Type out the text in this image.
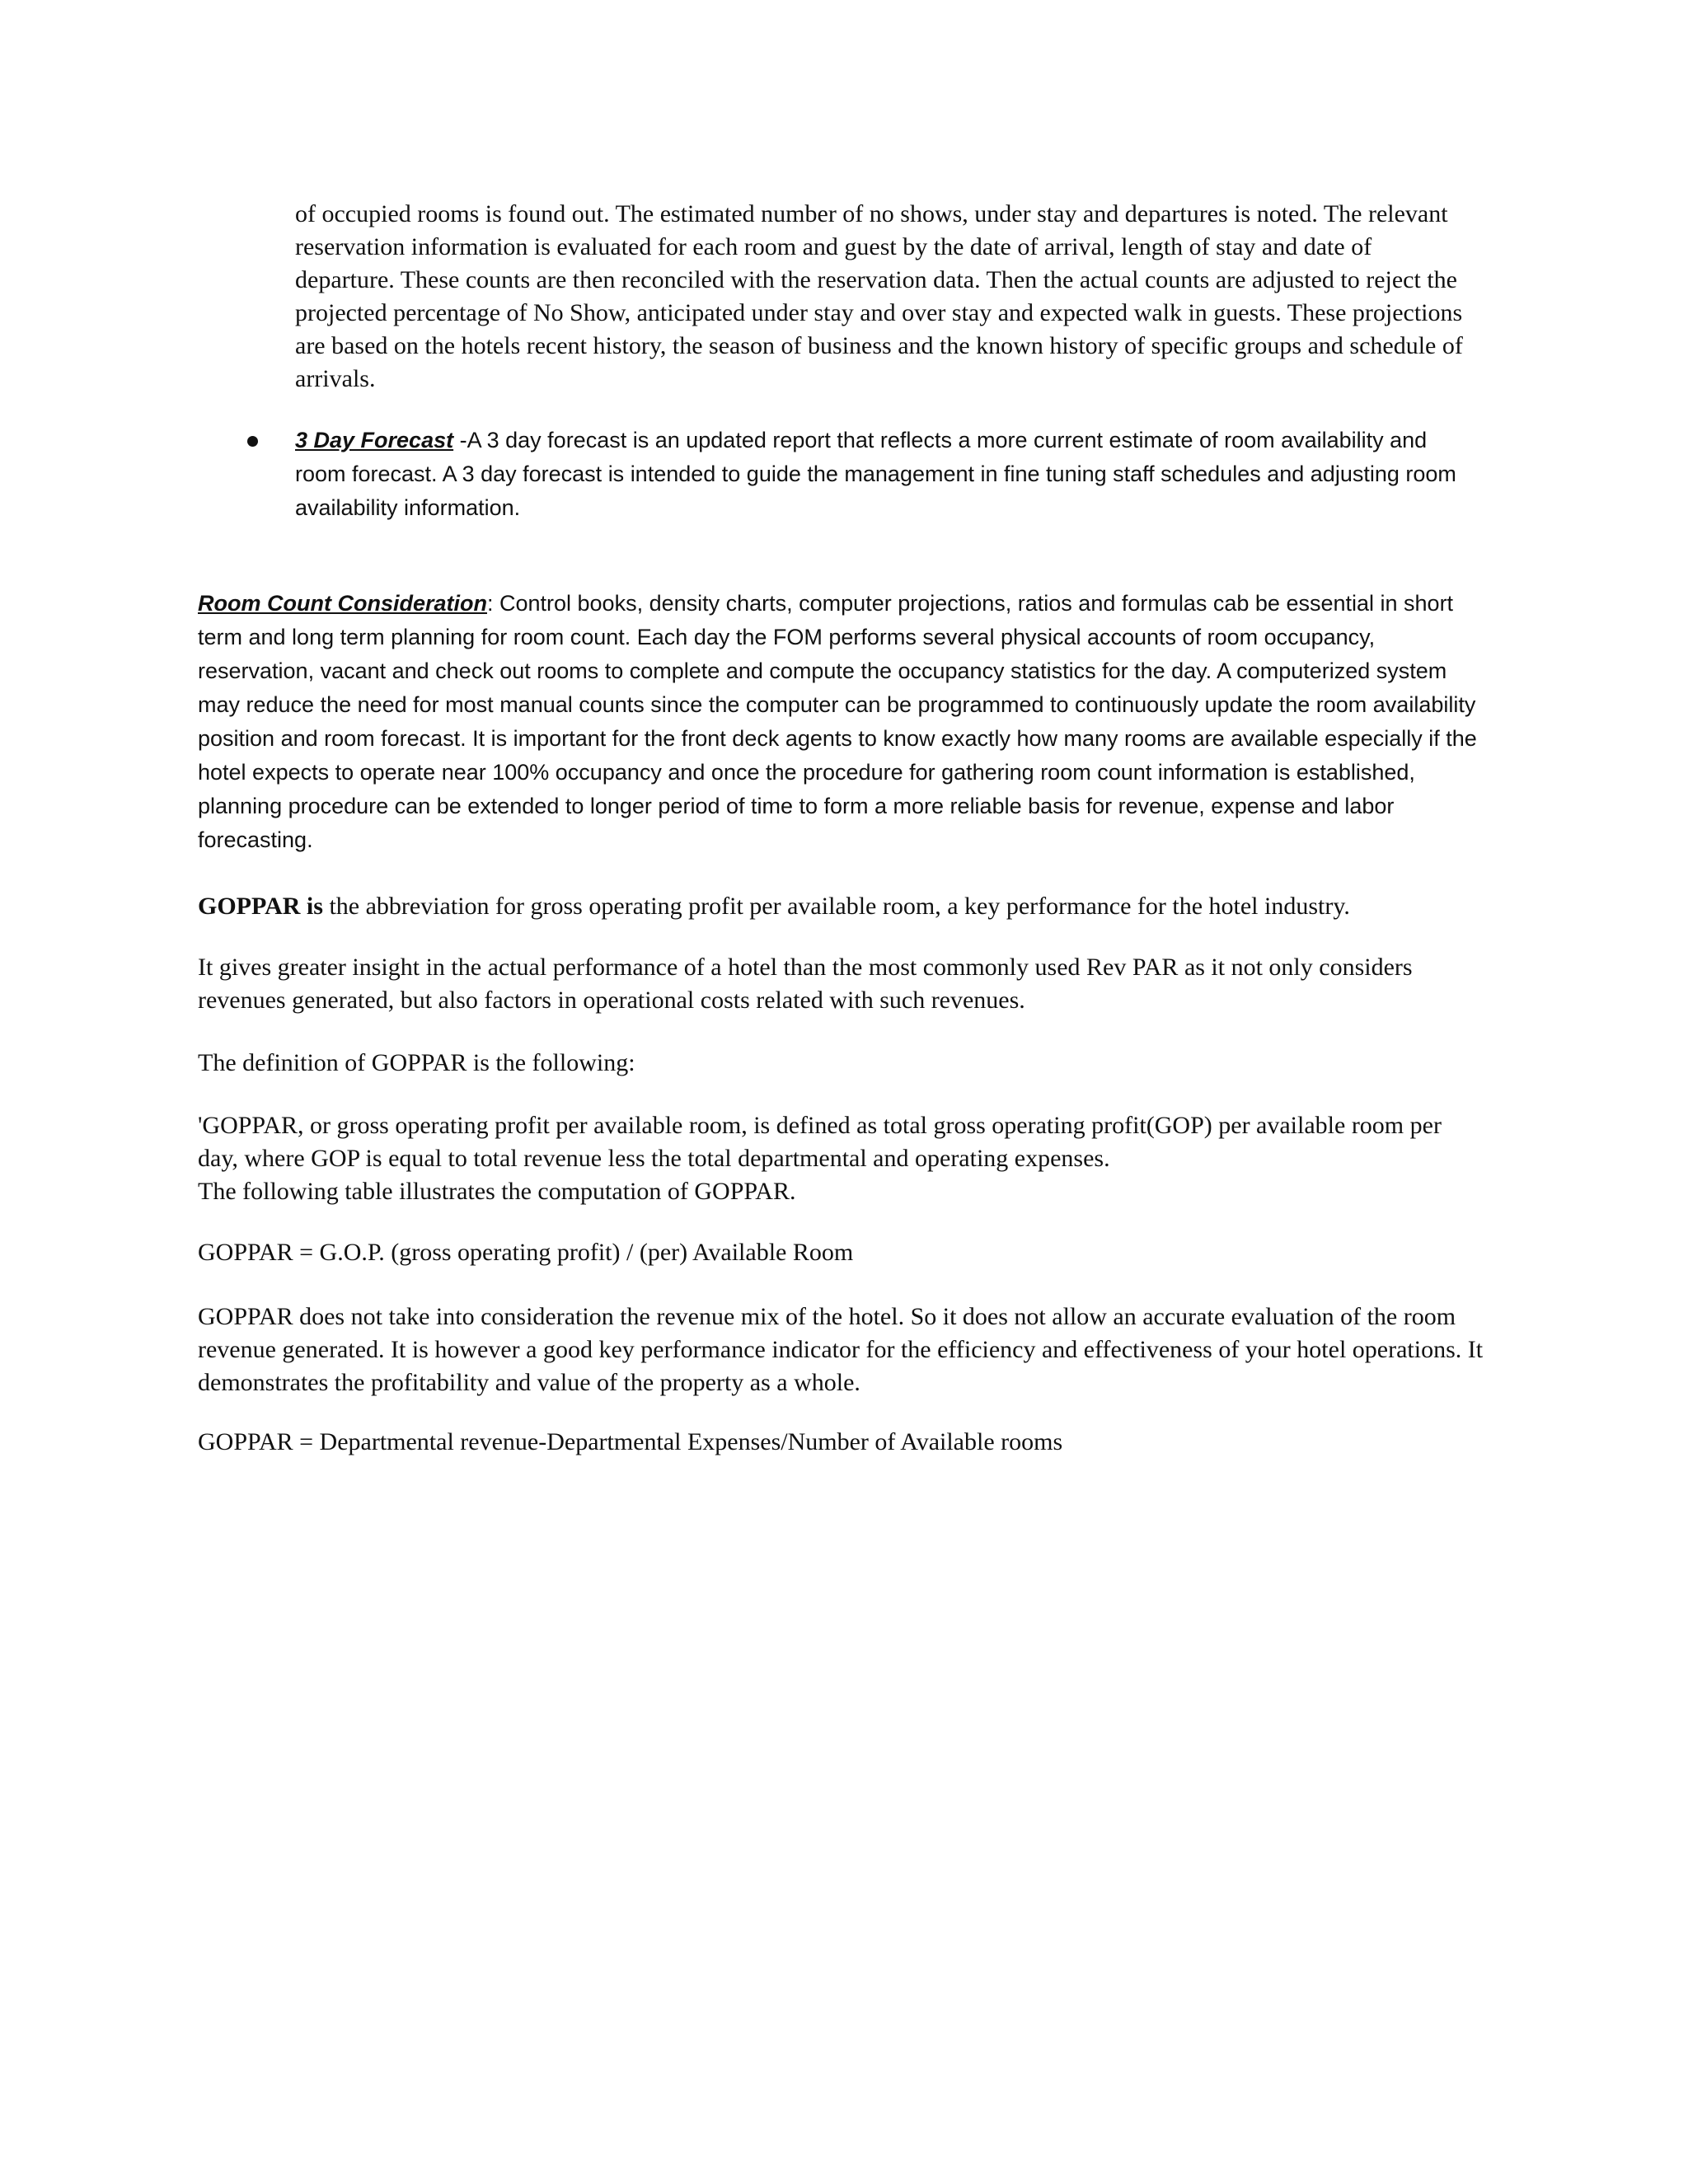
of occupied rooms is found out. The estimated number of no shows, under stay and departures is noted. The relevant reservation information is evaluated for each room and guest by the date of arrival, length of stay and date of departure. These counts are then reconciled with the reservation data. Then the actual counts are adjusted to reject the projected percentage of No Show, anticipated under stay and over stay and expected walk in guests. These projections are based on the hotels recent history, the season of business and the known history of specific groups and schedule of arrivals.

3 Day Forecast -A 3 day forecast is an updated report that reflects a more current estimate of room availability and room forecast. A 3 day forecast is intended to guide the management in fine tuning staff schedules and adjusting room availability information.

Room Count Consideration: Control books, density charts, computer projections, ratios and formulas cab be essential in short term and long term planning for room count. Each day the FOM performs several physical accounts of room occupancy, reservation, vacant and check out rooms to complete and compute the occupancy statistics for the day. A computerized system may reduce the need for most manual counts since the computer can be programmed to continuously update the room availability position and room forecast. It is important for the front deck agents to know exactly how many rooms are available especially if the hotel expects to operate near 100% occupancy and once the procedure for gathering room count information is established, planning procedure can be extended to longer period of time to form a more reliable basis for revenue, expense and labor forecasting.

GOPPAR is the abbreviation for gross operating profit per available room, a key performance for the hotel industry.

It gives greater insight in the actual performance of a hotel than the most commonly used Rev PAR as it not only considers revenues generated, but also factors in operational costs related with such revenues.

The definition of GOPPAR is the following:

'GOPPAR, or gross operating profit per available room, is defined as total gross operating profit(GOP) per available room per day, where GOP is equal to total revenue less the total departmental and operating expenses.

The following table illustrates the computation of GOPPAR.

GOPPAR = G.O.P. (gross operating profit) / (per) Available Room

GOPPAR does not take into consideration the revenue mix of the hotel. So it does not allow an accurate evaluation of the room revenue generated. It is however a good key performance indicator for the efficiency and effectiveness of your hotel operations. It demonstrates the profitability and value of the property as a whole.

GOPPAR = Departmental revenue-Departmental Expenses/Number of Available rooms
